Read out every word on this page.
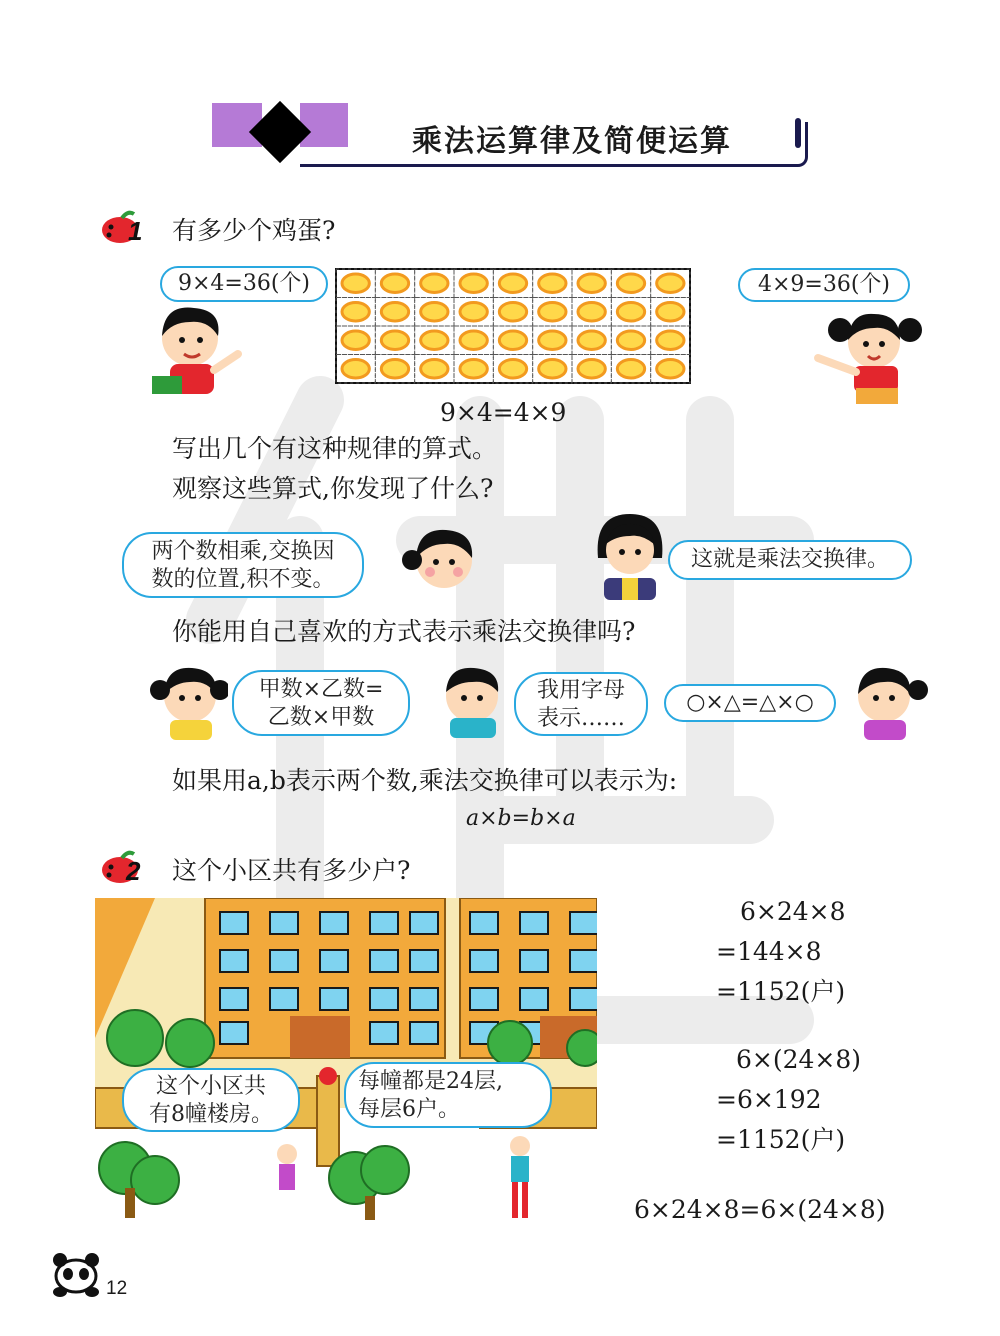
乘法运算律及简便运算
1 有多少个鸡蛋?
9×4=36(个)
9×4=4×9
4×9=36(个)
写出几个有这种规律的算式。
观察这些算式,你发现了什么?
两个数相乘,交换因
数的位置,积不变。
这就是乘法交换律。
你能用自己喜欢的方式表示乘法交换律吗?
甲数×乙数=
乙数×甲数
我用字母
表示……
○×△=△×○
如果用a,b表示两个数,乘法交换律可以表示为:
a×b=b×a
2 这个小区共有多少户?
这个小区共
有8幢楼房。
每幢都是24层,
每层6户。
6×24×8
=144×8
=1152(户)
6×(24×8)
=6×192
=1152(户)
6×24×8=6×(24×8)
12
